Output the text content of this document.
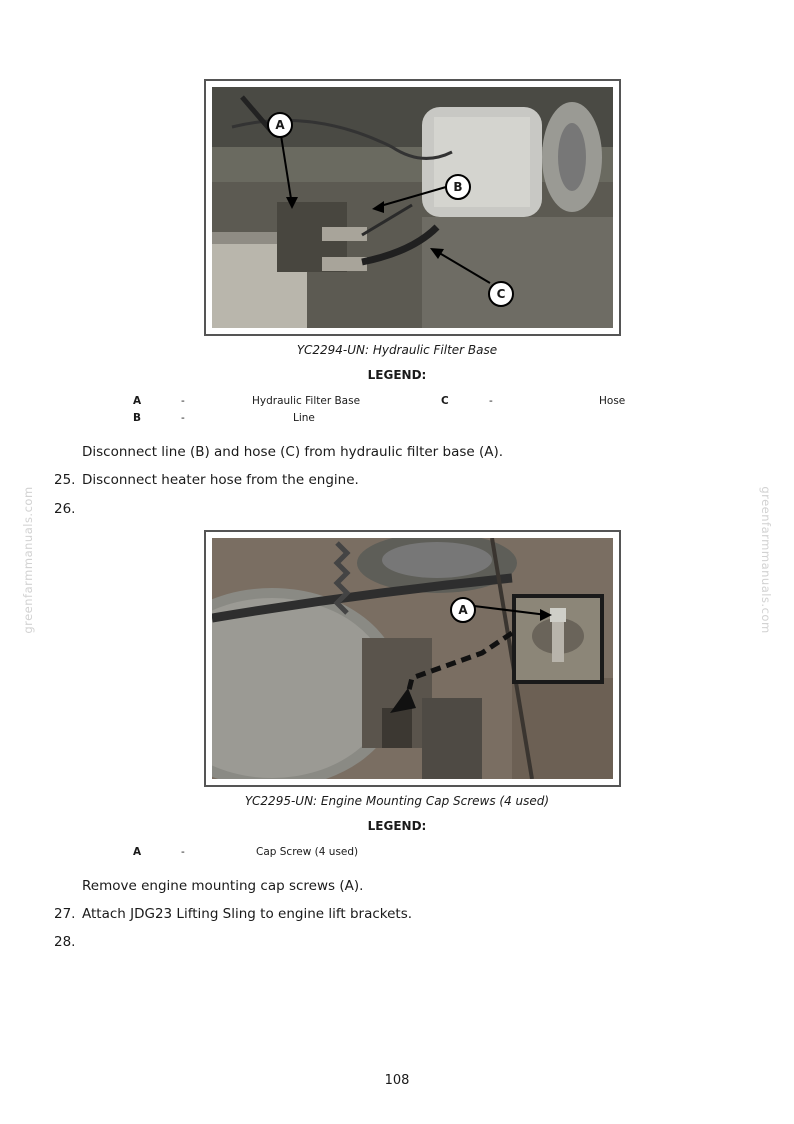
A
B
C
YC2294-UN: Hydraulic Filter Base
LEGEND:
A	-	Hydraulic Filter Base
B	-	Line
C	-	Hose
Disconnect line (B) and hose (C) from hydraulic filter base (A).
25. Disconnect heater hose from the engine.
26.
A
YC2295-UN: Engine Mounting Cap Screws (4 used)
LEGEND:
A	-	Cap Screw (4 used)
Remove engine mounting cap screws (A).
27. Attach JDG23 Lifting Sling to engine lift brackets.
28.
greenfarmmanuals.com	greenfarmmanuals.com
108
